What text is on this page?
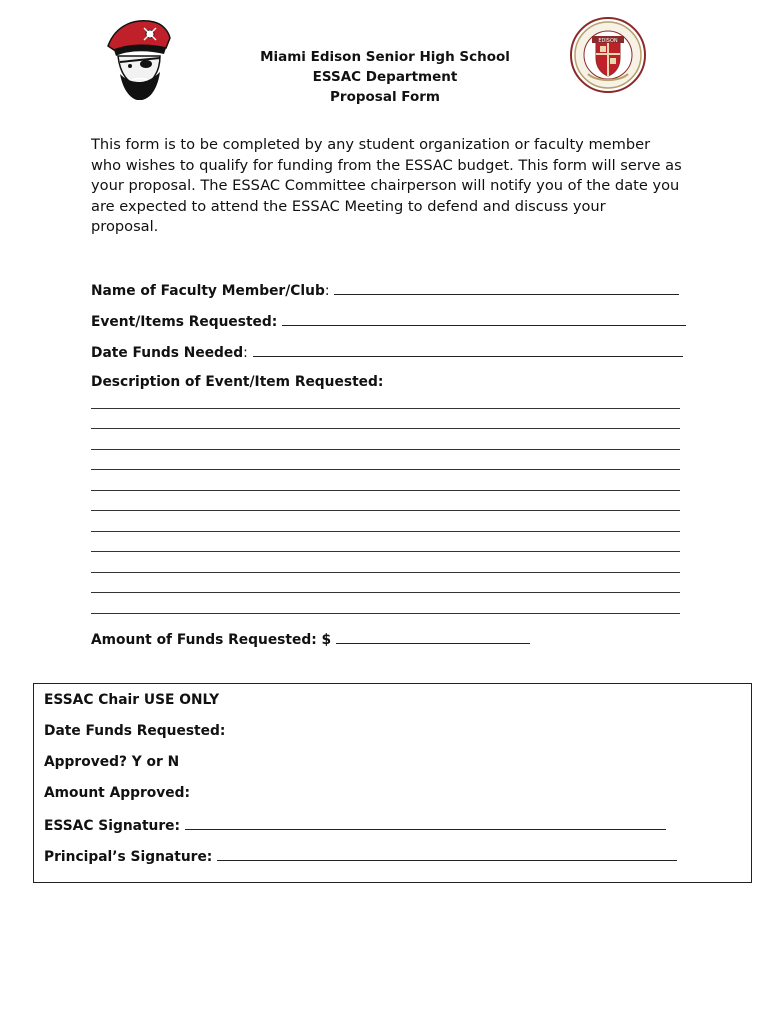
Miami Edison Senior High School
ESSAC Department
Proposal Form
EDISON
This form is to be completed by any student organization or faculty member
who wishes to qualify for funding from the ESSAC budget. This form will serve as
your proposal. The ESSAC Committee chairperson will notify you of the date you
are expected to attend the ESSAC Meeting to defend and discuss your
proposal.
Name of Faculty Member/Club:
Event/Items Requested:
Date Funds Needed:
Description of Event/Item Requested:
Amount of Funds Requested: $
ESSAC Chair USE ONLY
Date Funds Requested:
Approved? Y or N
Amount Approved:
ESSAC Signature:
Principal’s Signature:
